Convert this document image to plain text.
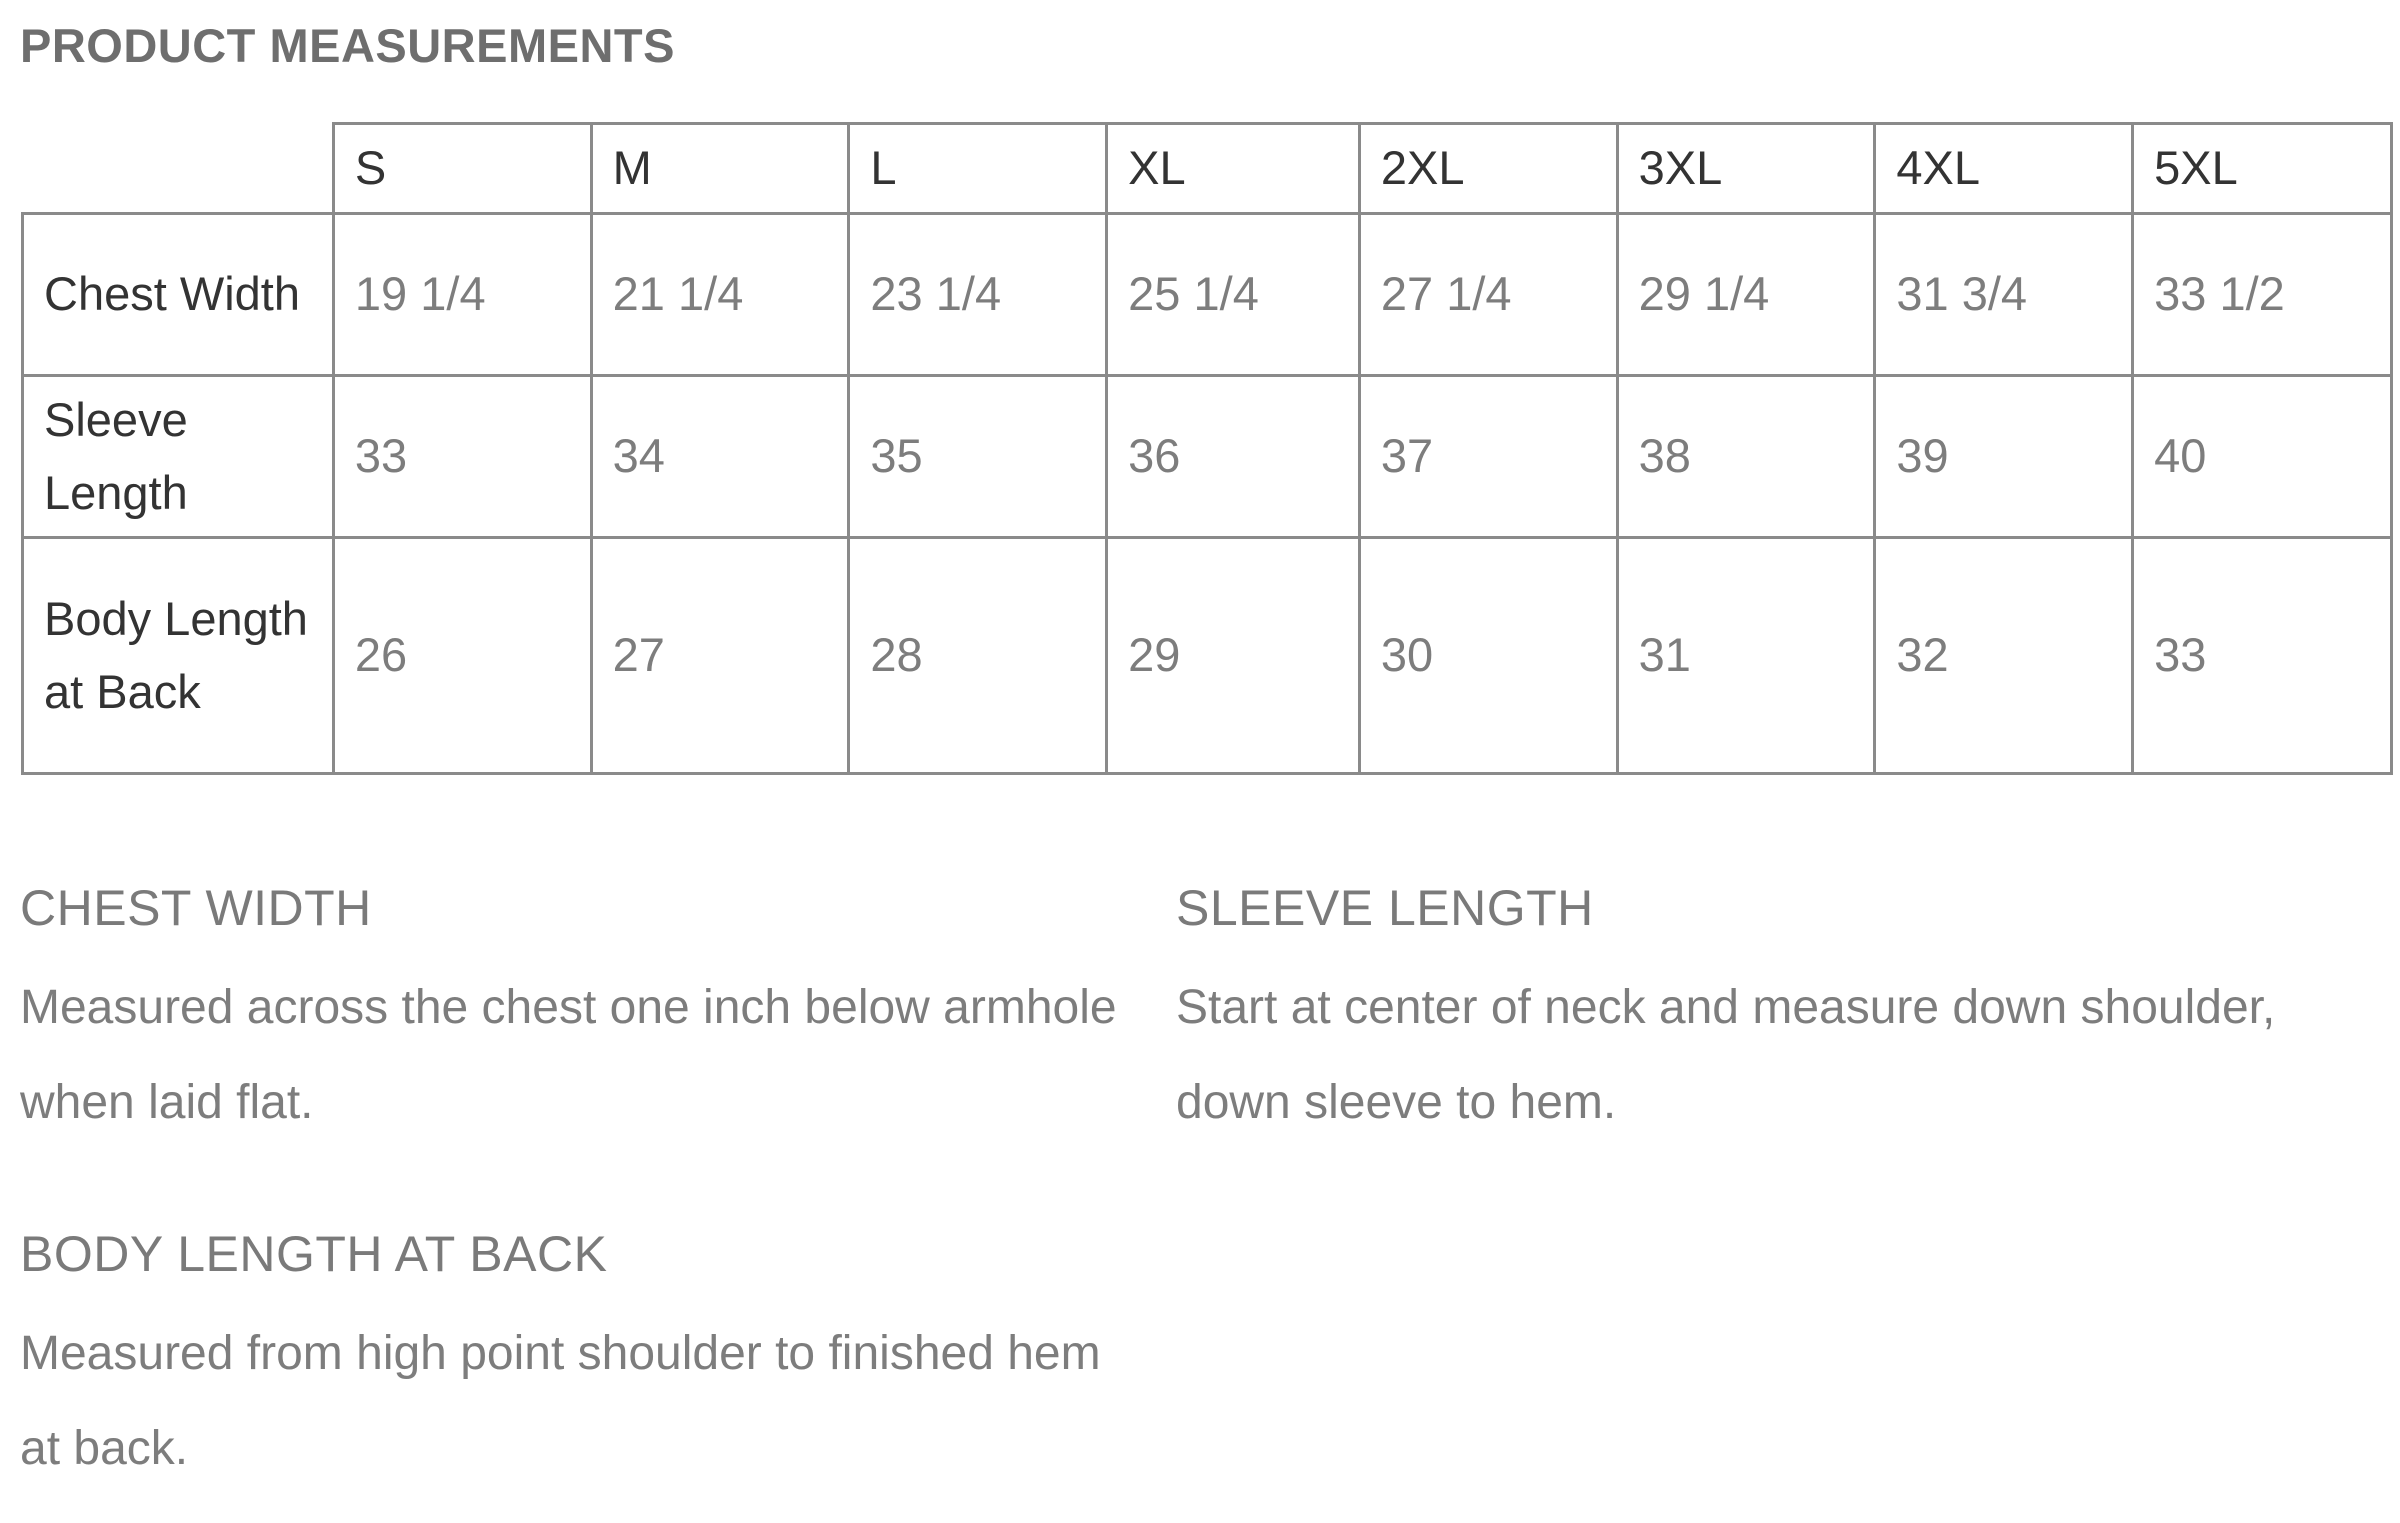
PRODUCT MEASUREMENTS
	S	M	L	XL	2XL	3XL	4XL	5XL
Chest Width	19 1/4	21 1/4	23 1/4	25 1/4	27 1/4	29 1/4	31 3/4	33 1/2
Sleeve Length	33	34	35	36	37	38	39	40
Body Length at Back	26	27	28	29	30	31	32	33
CHEST WIDTH

Measured across the chest one inch below armhole when laid flat.

SLEEVE LENGTH

Start at center of neck and measure down shoulder, down sleeve to hem.

BODY LENGTH AT BACK

Measured from high point shoulder to finished hem at back.
